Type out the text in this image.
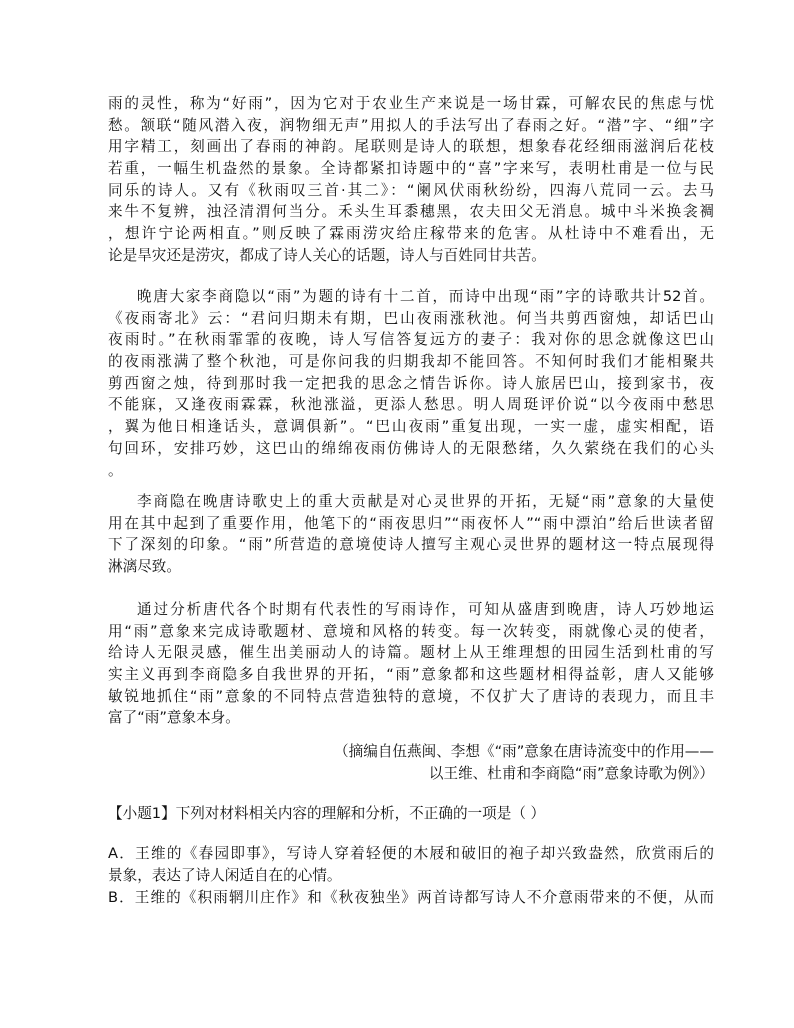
雨的灵性，称为“好雨”，因为它对于农业生产来说是一场甘霖，可解农民的焦虑与忧
愁。颔联“随风潜入夜，润物细无声”用拟人的手法写出了春雨之好。“潜”字、“细”字
用字精工，刻画出了春雨的神韵。尾联则是诗人的联想，想象春花经细雨滋润后花枝
若重，一幅生机盎然的景象。全诗都紧扣诗题中的“喜”字来写，表明杜甫是一位与民
同乐的诗人。又有《秋雨叹三首·其二》：“阑风伏雨秋纷纷，四海八荒同一云。去马
来牛不复辨，浊泾清渭何当分。禾头生耳黍穗黑，农夫田父无消息。城中斗米换衾裯
，想许宁论两相直。”则反映了霖雨涝灾给庄稼带来的危害。从杜诗中不难看出，无
论是旱灾还是涝灾，都成了诗人关心的话题，诗人与百姓同甘共苦。
晚唐大家李商隐以“雨”为题的诗有十二首，而诗中出现“雨”字的诗歌共计52首。
《夜雨寄北》云：“君问归期未有期，巴山夜雨涨秋池。何当共剪西窗烛，却话巴山
夜雨时。”在秋雨霏霏的夜晚，诗人写信答复远方的妻子：我对你的思念就像这巴山
的夜雨涨满了整个秋池，可是你问我的归期我却不能回答。不知何时我们才能相聚共
剪西窗之烛，待到那时我一定把我的思念之情告诉你。诗人旅居巴山，接到家书，夜
不能寐，又逢夜雨霖霖，秋池涨溢，更添人愁思。明人周珽评价说“以今夜雨中愁思
，翼为他日相逢话头，意调俱新”。“巴山夜雨”重复出现，一实一虚，虚实相配，语
句回环，安排巧妙，这巴山的绵绵夜雨仿佛诗人的无限愁绪，久久萦绕在我们的心头
。
李商隐在晚唐诗歌史上的重大贡献是对心灵世界的开拓，无疑“雨”意象的大量使
用在其中起到了重要作用，他笔下的“雨夜思归”“雨夜怀人”“雨中漂泊”给后世读者留
下了深刻的印象。“雨”所营造的意境使诗人擅写主观心灵世界的题材这一特点展现得
淋漓尽致。
通过分析唐代各个时期有代表性的写雨诗作，可知从盛唐到晚唐，诗人巧妙地运
用“雨”意象来完成诗歌题材、意境和风格的转变。每一次转变，雨就像心灵的使者，
给诗人无限灵感，催生出美丽动人的诗篇。题材上从王维理想的田园生活到杜甫的写
实主义再到李商隐多自我世界的开拓，“雨”意象都和这些题材相得益彰，唐人又能够
敏锐地抓住“雨”意象的不同特点营造独特的意境，不仅扩大了唐诗的表现力，而且丰
富了“雨”意象本身。
（摘编自伍燕闽、李想《“雨”意象在唐诗流变中的作用——
以王维、杜甫和李商隐“雨”意象诗歌为例》）
【小题1】下列对材料相关内容的理解和分析，不正确的一项是（ ）
A．王维的《春园即事》，写诗人穿着轻便的木屐和破旧的袍子却兴致盎然，欣赏雨后的
景象，表达了诗人闲适自在的心情。
B．王维的《积雨辋川庄作》和《秋夜独坐》两首诗都写诗人不介意雨带来的不便，从而
